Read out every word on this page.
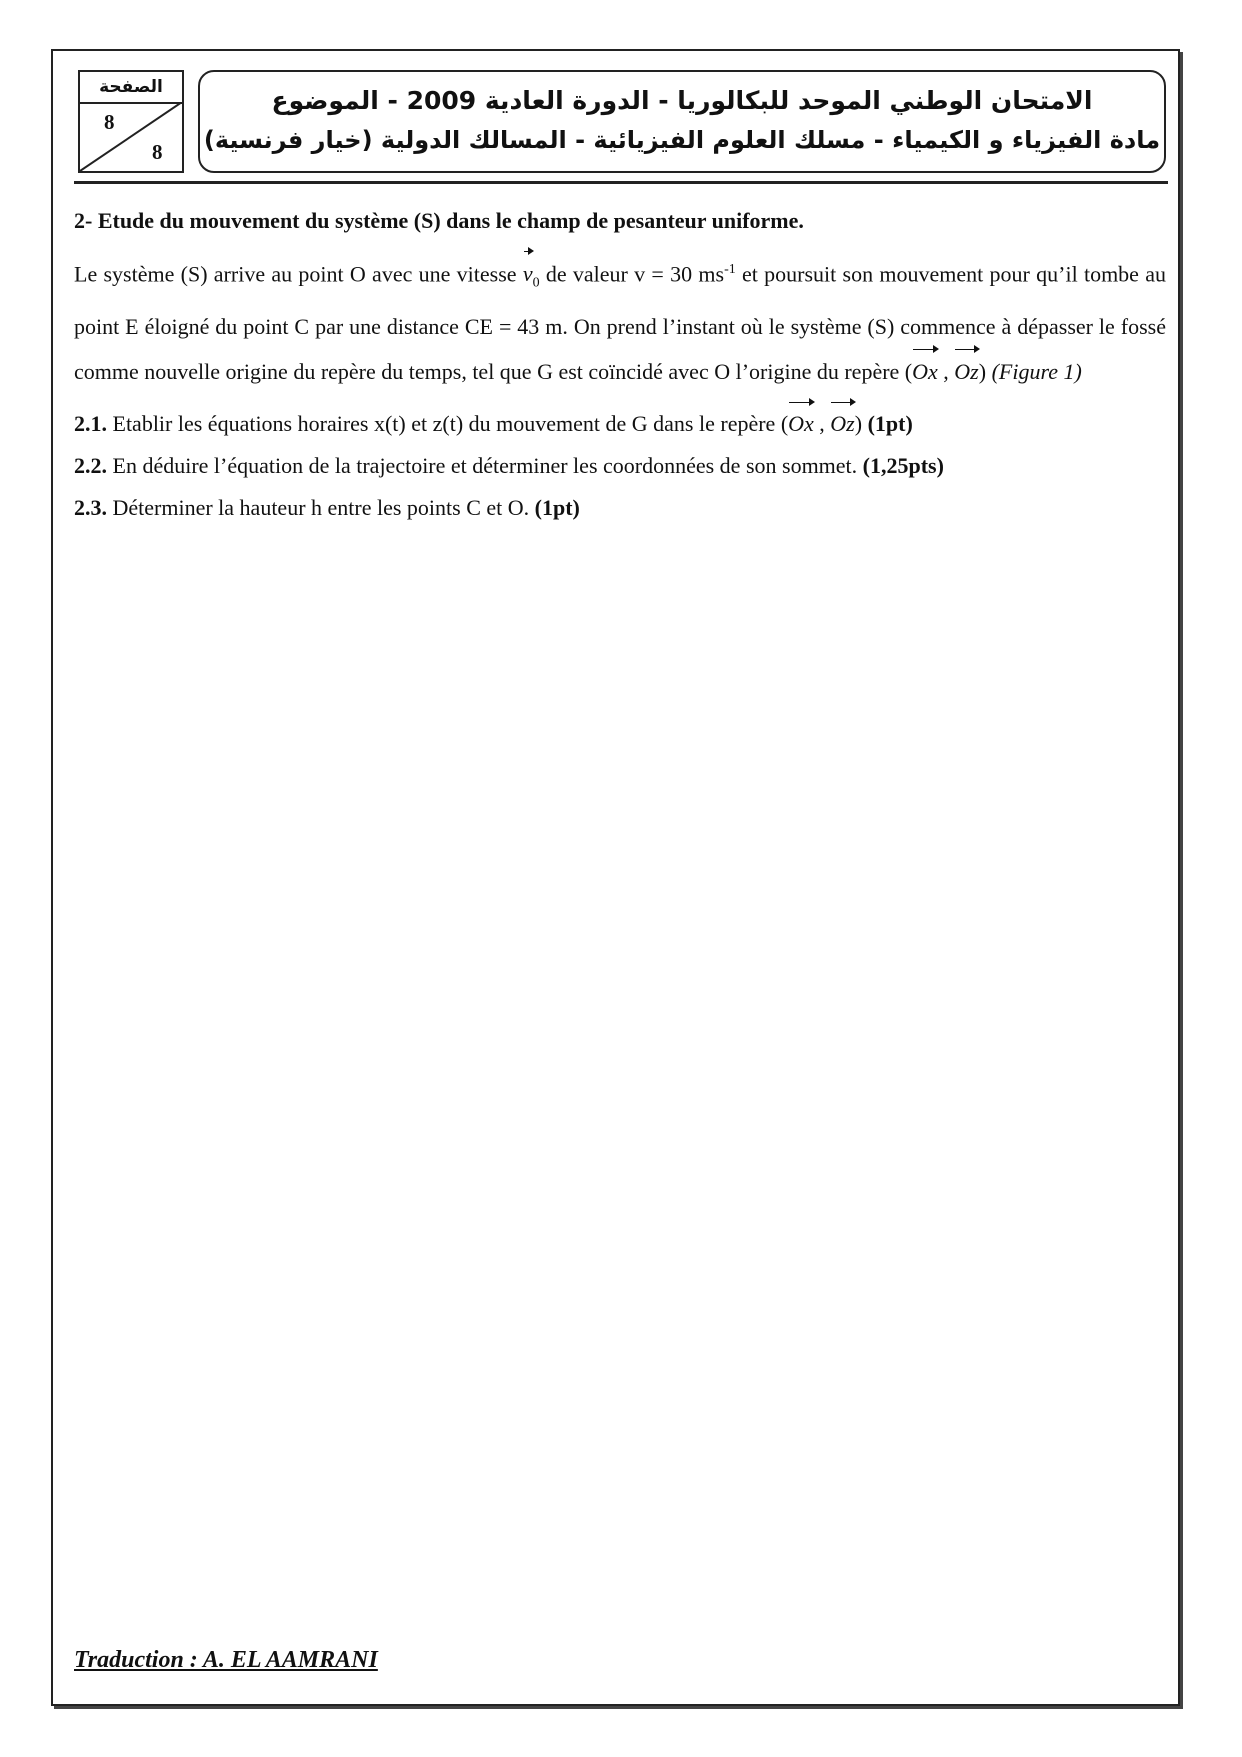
الصفحة
8
8
الامتحان الوطني الموحد للبكالوريا - الدورة العادية 2009 - الموضوع
مادة الفيزياء و الكيمياء - مسلك العلوم الفيزيائية - المسالك الدولية (خيار فرنسية)

2- Etude du mouvement du système (S) dans le champ de pesanteur uniforme.

Le système (S) arrive au point O avec une vitesse $v_0$ de valeur v = 30 $ms^{-1}$ et poursuit son mouvement pour qu’il tombe au point E éloigné du point C par une distance CE = 43 m. On prend l’instant où le système (S) commence à dépasser le fossé comme nouvelle origine du repère du temps, tel que G est coïncidé avec O l’origine du repère (Ox , Oz) (Figure 1)

2.1. Etablir les équations horaires x(t) et z(t) du mouvement de G dans le repère (Ox , Oz) (1pt)

2.2. En déduire l’équation de la trajectoire et déterminer les coordonnées de son sommet. (1,25pts)

2.3. Déterminer la hauteur h entre les points C et O. (1pt)

Traduction : A. EL AAMRANI
